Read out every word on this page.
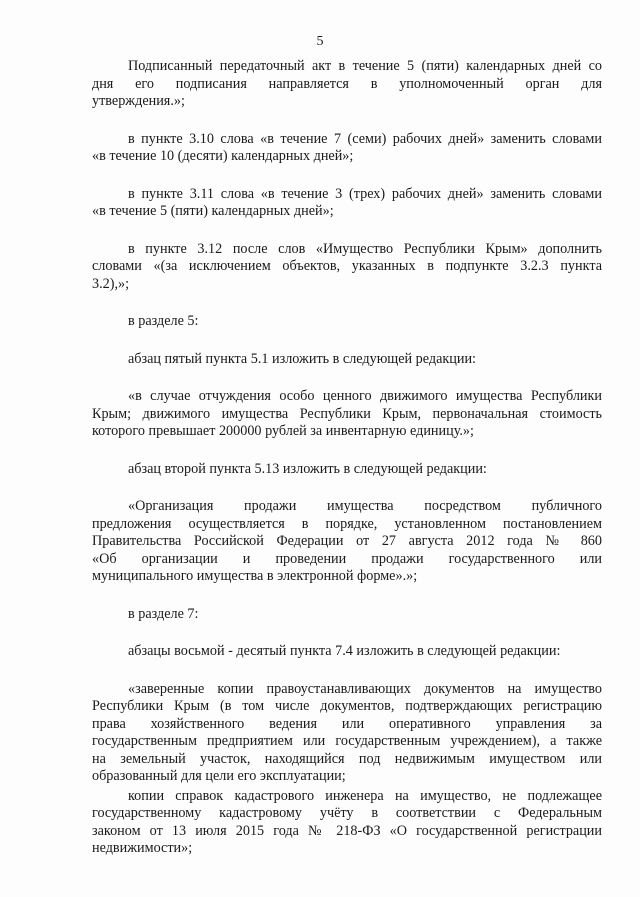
5
Подписанный передаточный акт в течение 5 (пяти) календарных дней со
дня его подписания направляется в уполномоченный орган для
утверждения.»;
в пункте 3.10 слова «в течение 7 (семи) рабочих дней» заменить словами
«в течение 10 (десяти) календарных дней»;
в пункте 3.11 слова «в течение 3 (трех) рабочих дней» заменить словами
«в течение 5 (пяти) календарных дней»;
в пункте 3.12 после слов «Имущество Республики Крым» дополнить
словами «(за исключением объектов, указанных в подпункте 3.2.3 пункта
3.2),»;
в разделе 5:
абзац пятый пункта 5.1 изложить в следующей редакции:
«в случае отчуждения особо ценного движимого имущества Республики
Крым; движимого имущества Республики Крым, первоначальная стоимость
которого превышает 200000 рублей за инвентарную единицу.»;
абзац второй пункта 5.13 изложить в следующей редакции:
«Организация продажи имущества посредством публичного
предложения осуществляется в порядке, установленном постановлением
Правительства Российской Федерации от 27 августа 2012 года № 860
«Об организации и проведении продажи государственного или
муниципального имущества в электронной форме».»;
в разделе 7:
абзацы восьмой - десятый пункта 7.4 изложить в следующей редакции:
«заверенные копии правоустанавливающих документов на имущество
Республики Крым (в том числе документов, подтверждающих регистрацию
права хозяйственного ведения или оперативного управления за
государственным предприятием или государственным учреждением), а также
на земельный участок, находящийся под недвижимым имуществом или
образованный для цели его эксплуатации;
копии справок кадастрового инженера на имущество, не подлежащее
государственному кадастровому учёту в соответствии с Федеральным
законом от 13 июля 2015 года № 218-ФЗ «О государственной регистрации
недвижимости»;
